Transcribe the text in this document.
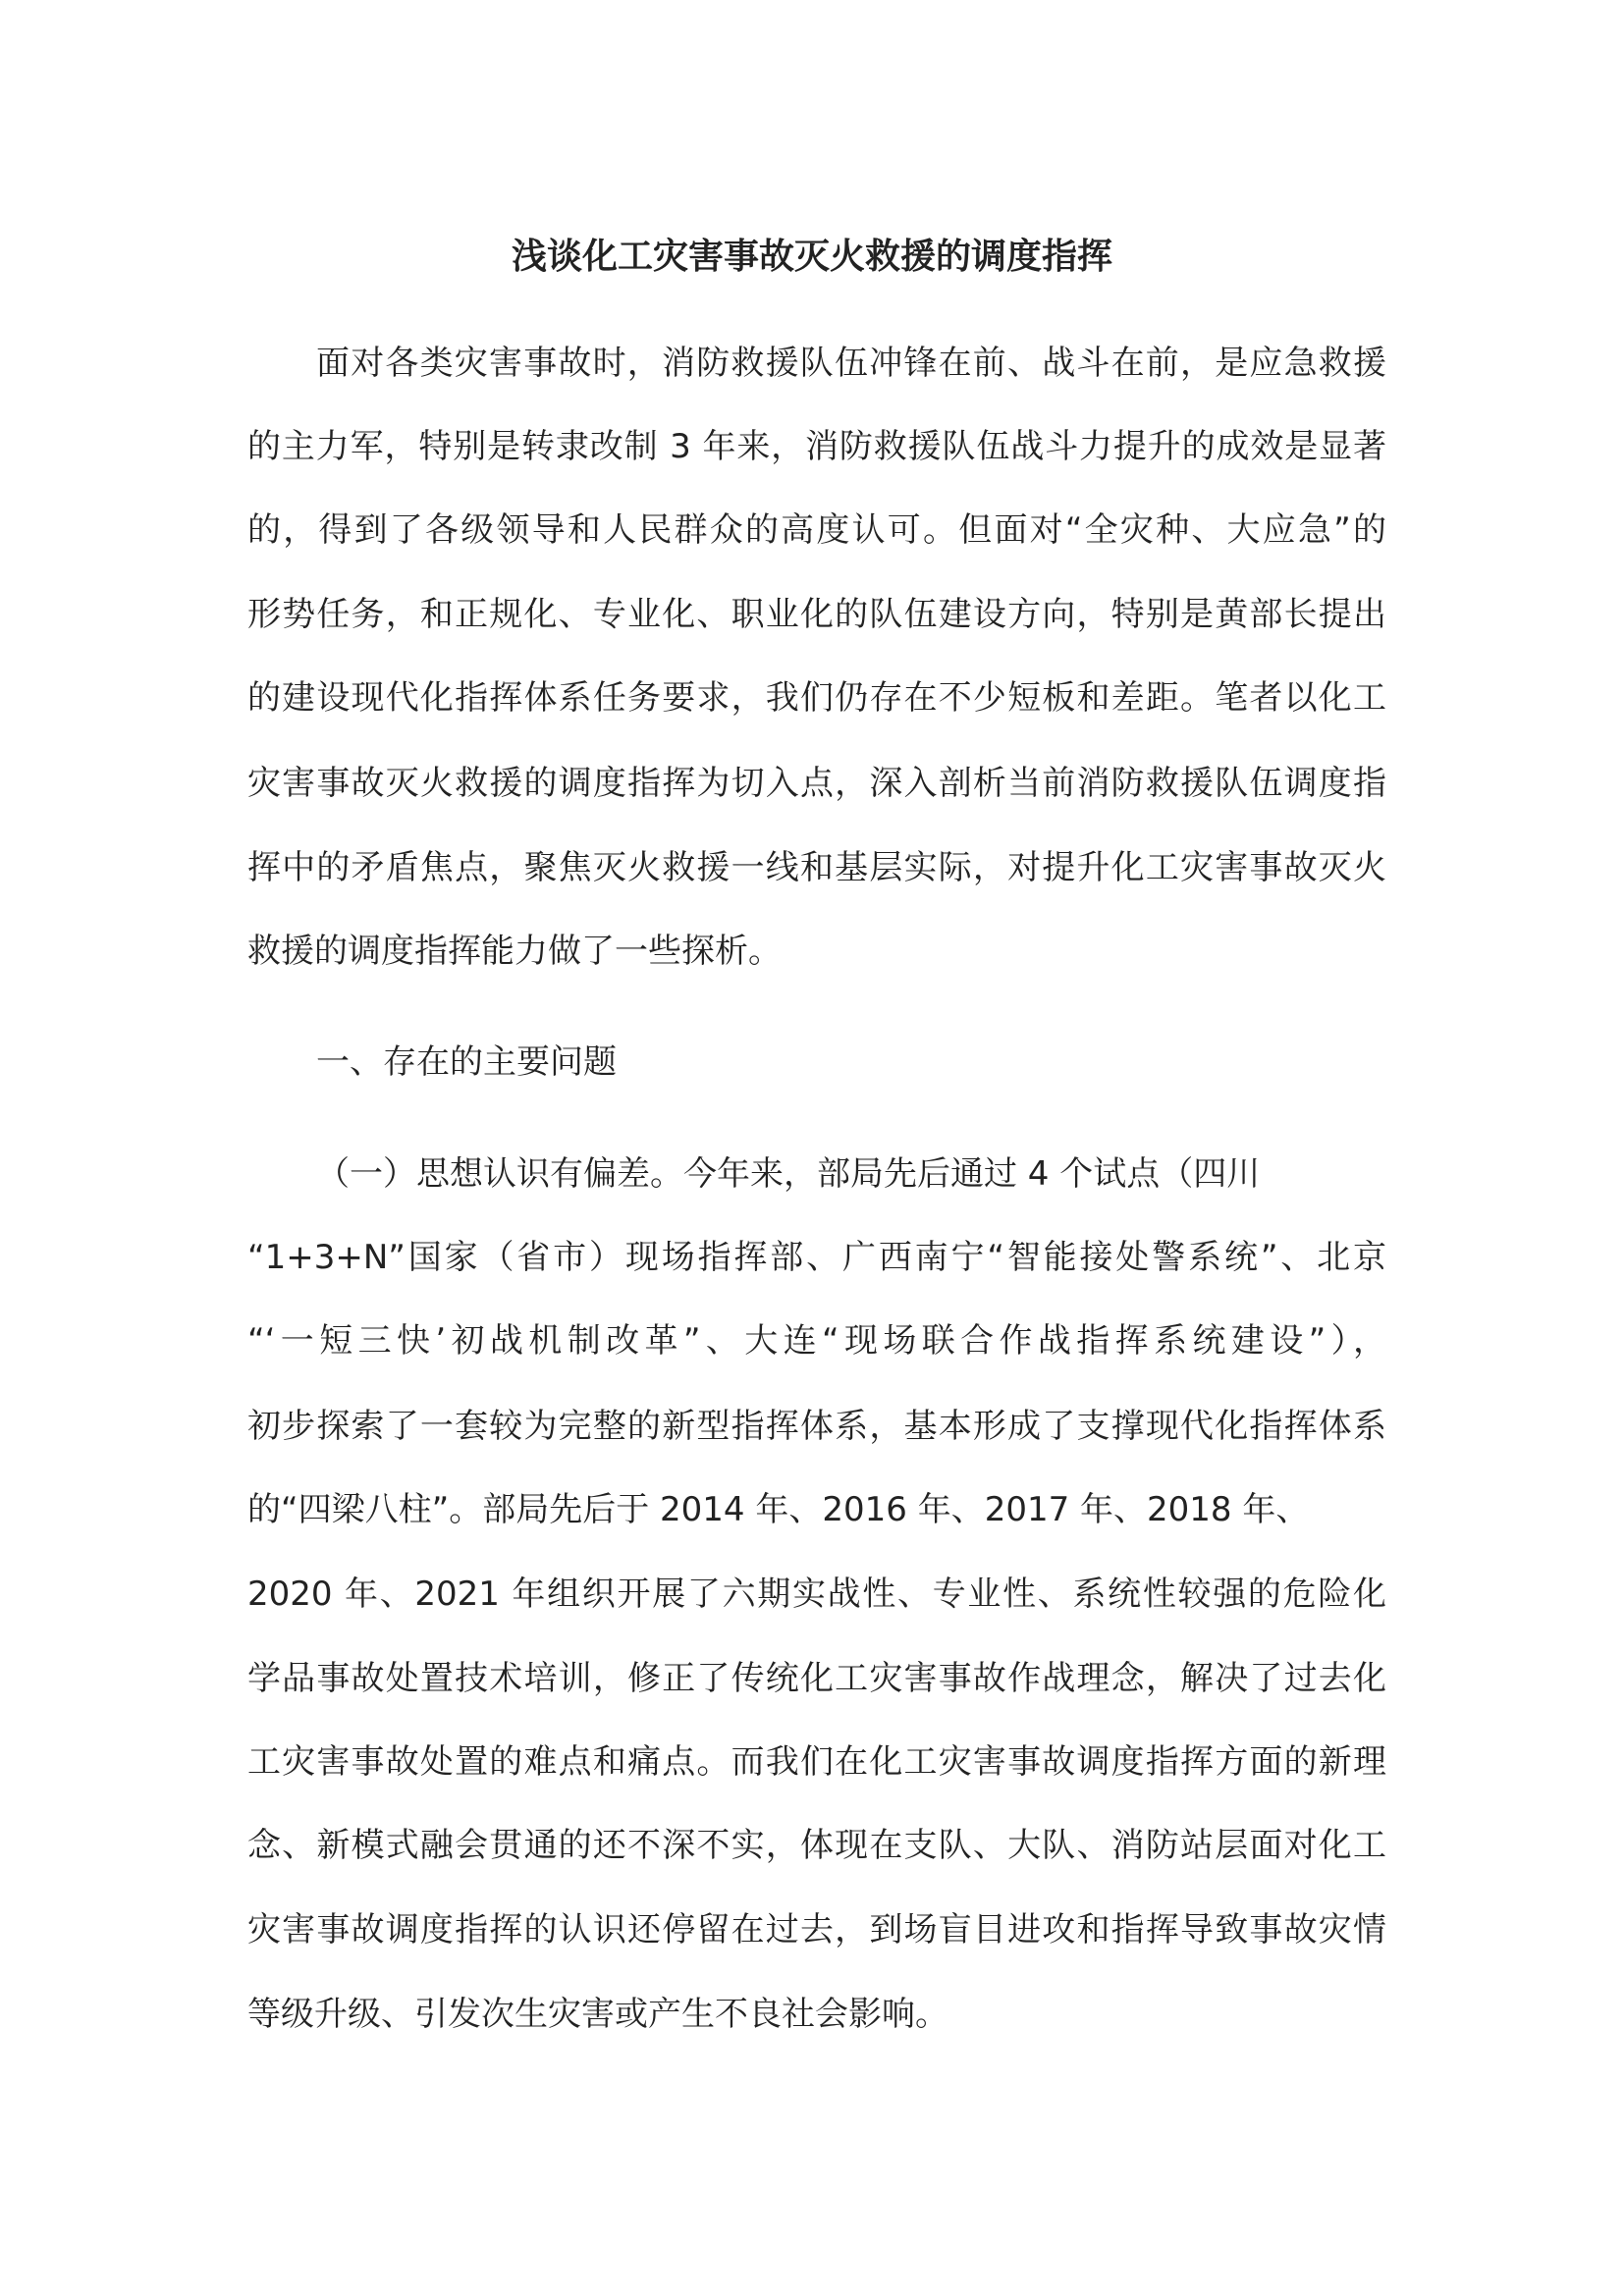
浅谈化工灾害事故灭火救援的调度指挥

面对各类灾害事故时，消防救援队伍冲锋在前、战斗在前，是应急救援

的主力军，特别是转隶改制 3 年来，消防救援队伍战斗力提升的成效是显著

的，得到了各级领导和人民群众的高度认可。但面对“全灾种、大应急”的

形势任务，和正规化、专业化、职业化的队伍建设方向，特别是黄部长提出

的建设现代化指挥体系任务要求，我们仍存在不少短板和差距。笔者以化工

灾害事故灭火救援的调度指挥为切入点，深入剖析当前消防救援队伍调度指

挥中的矛盾焦点，聚焦灭火救援一线和基层实际，对提升化工灾害事故灭火

救援的调度指挥能力做了一些探析。

一、存在的主要问题

（一）思想认识有偏差。今年来，部局先后通过 4 个试点（四川

“1+3+N”国家（省市）现场指挥部、广西南宁“智能接处警系统”、北京

“‘一短三快’初战机制改革”、大连“现场联合作战指挥系统建设”），

初步探索了一套较为完整的新型指挥体系，基本形成了支撑现代化指挥体系

的“四梁八柱”。部局先后于 2014 年、2016 年、2017 年、2018 年、

2020 年、2021 年组织开展了六期实战性、专业性、系统性较强的危险化

学品事故处置技术培训，修正了传统化工灾害事故作战理念，解决了过去化

工灾害事故处置的难点和痛点。而我们在化工灾害事故调度指挥方面的新理

念、新模式融会贯通的还不深不实，体现在支队、大队、消防站层面对化工

灾害事故调度指挥的认识还停留在过去，到场盲目进攻和指挥导致事故灾情

等级升级、引发次生灾害或产生不良社会影响。
